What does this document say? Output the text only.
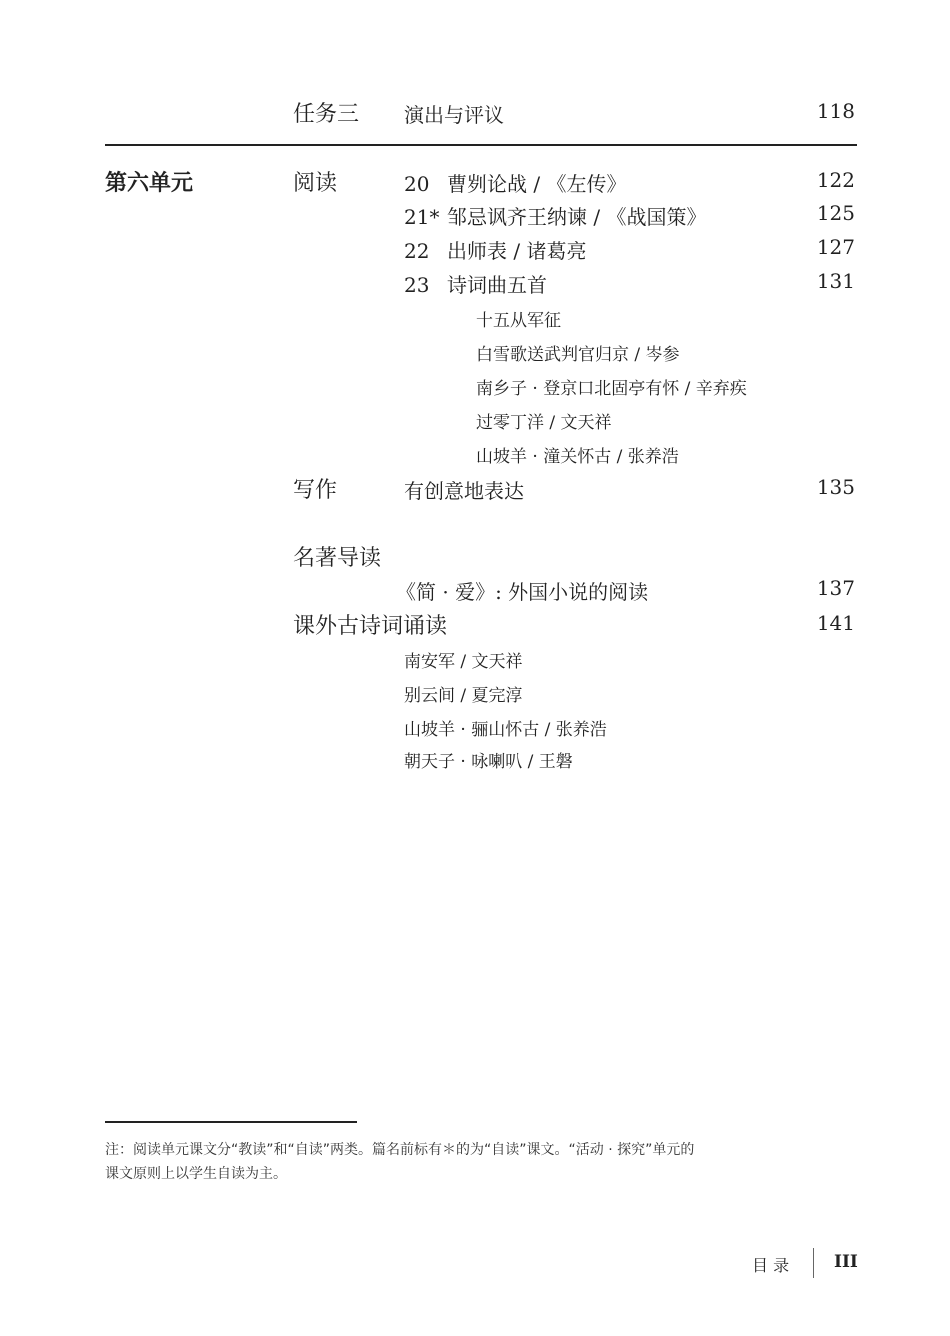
任务三 演出与评议	118
第六单元	阅读	20 曹刿论战 / 《左传》	122
21* 邹忌讽齐王纳谏 / 《战国策》	125
22 出师表 / 诸葛亮	127
23 诗词曲五首	131
十五从军征
白雪歌送武判官归京 / 岑参
南乡子 · 登京口北固亭有怀 / 辛弃疾
过零丁洋 / 文天祥
山坡羊 · 潼关怀古 / 张养浩
写作	有创意地表达	135
名著导读
《简 · 爱》: 外国小说的阅读	137
课外古诗词诵读	141
南安军 / 文天祥
别云间 / 夏完淳
山坡羊 · 骊山怀古 / 张养浩
朝天子 · 咏喇叭 / 王磐
注：阅读单元课文分“教读”和“自读”两类。篇名前标有＊的为“自读”课文。“活动 · 探究”单元的
课文原则上以学生自读为主。
目 录	III
